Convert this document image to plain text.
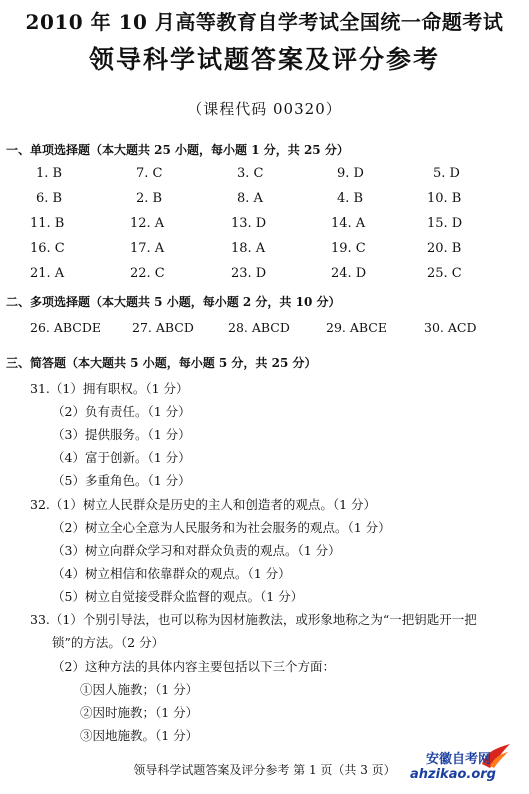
2010 年 10 月高等教育自学考试全国统一命题考试
领导科学试题答案及评分参考
（课程代码 00320）
一、单项选择题（本大题共 25 小题，每小题 1 分，共 25 分）
1. B	7. C	3. C	9. D	5. D
6. B	2. B	8. A	4. B	10. B
11. B	12. A	13. D	14. A	15. D
16. C	17. A	18. A	19. C	20. B
21. A	22. C	23. D	24. D	25. C
二、多项选择题（本大题共 5 小题，每小题 2 分，共 10 分）
26. ABCDE 27. ABCD	28. ABCD	29. ABCE	30. ACD
三、简答题（本大题共 5 小题，每小题 5 分，共 25 分）
31.（1）拥有职权。（1 分）
（2）负有责任。（1 分）
（3）提供服务。（1 分）
（4）富于创新。（1 分）
（5）多重角色。（1 分）
32.（1）树立人民群众是历史的主人和创造者的观点。（1 分）
（2）树立全心全意为人民服务和为社会服务的观点。（1 分）
（3）树立向群众学习和对群众负责的观点。（1 分）
（4）树立相信和依靠群众的观点。（1 分）
（5）树立自觉接受群众监督的观点。（1 分）
33.（1）个别引导法，也可以称为因材施教法，或形象地称之为“一把钥匙开一把
锁”的方法。（2 分）
（2）这种方法的具体内容主要包括以下三个方面：
①因人施教；（1 分）
②因时施教；（1 分）
③因地施教。（1 分）
领导科学试题答案及评分参考 第 1 页（共 3 页）
安徽自考网
ahzikao.org
